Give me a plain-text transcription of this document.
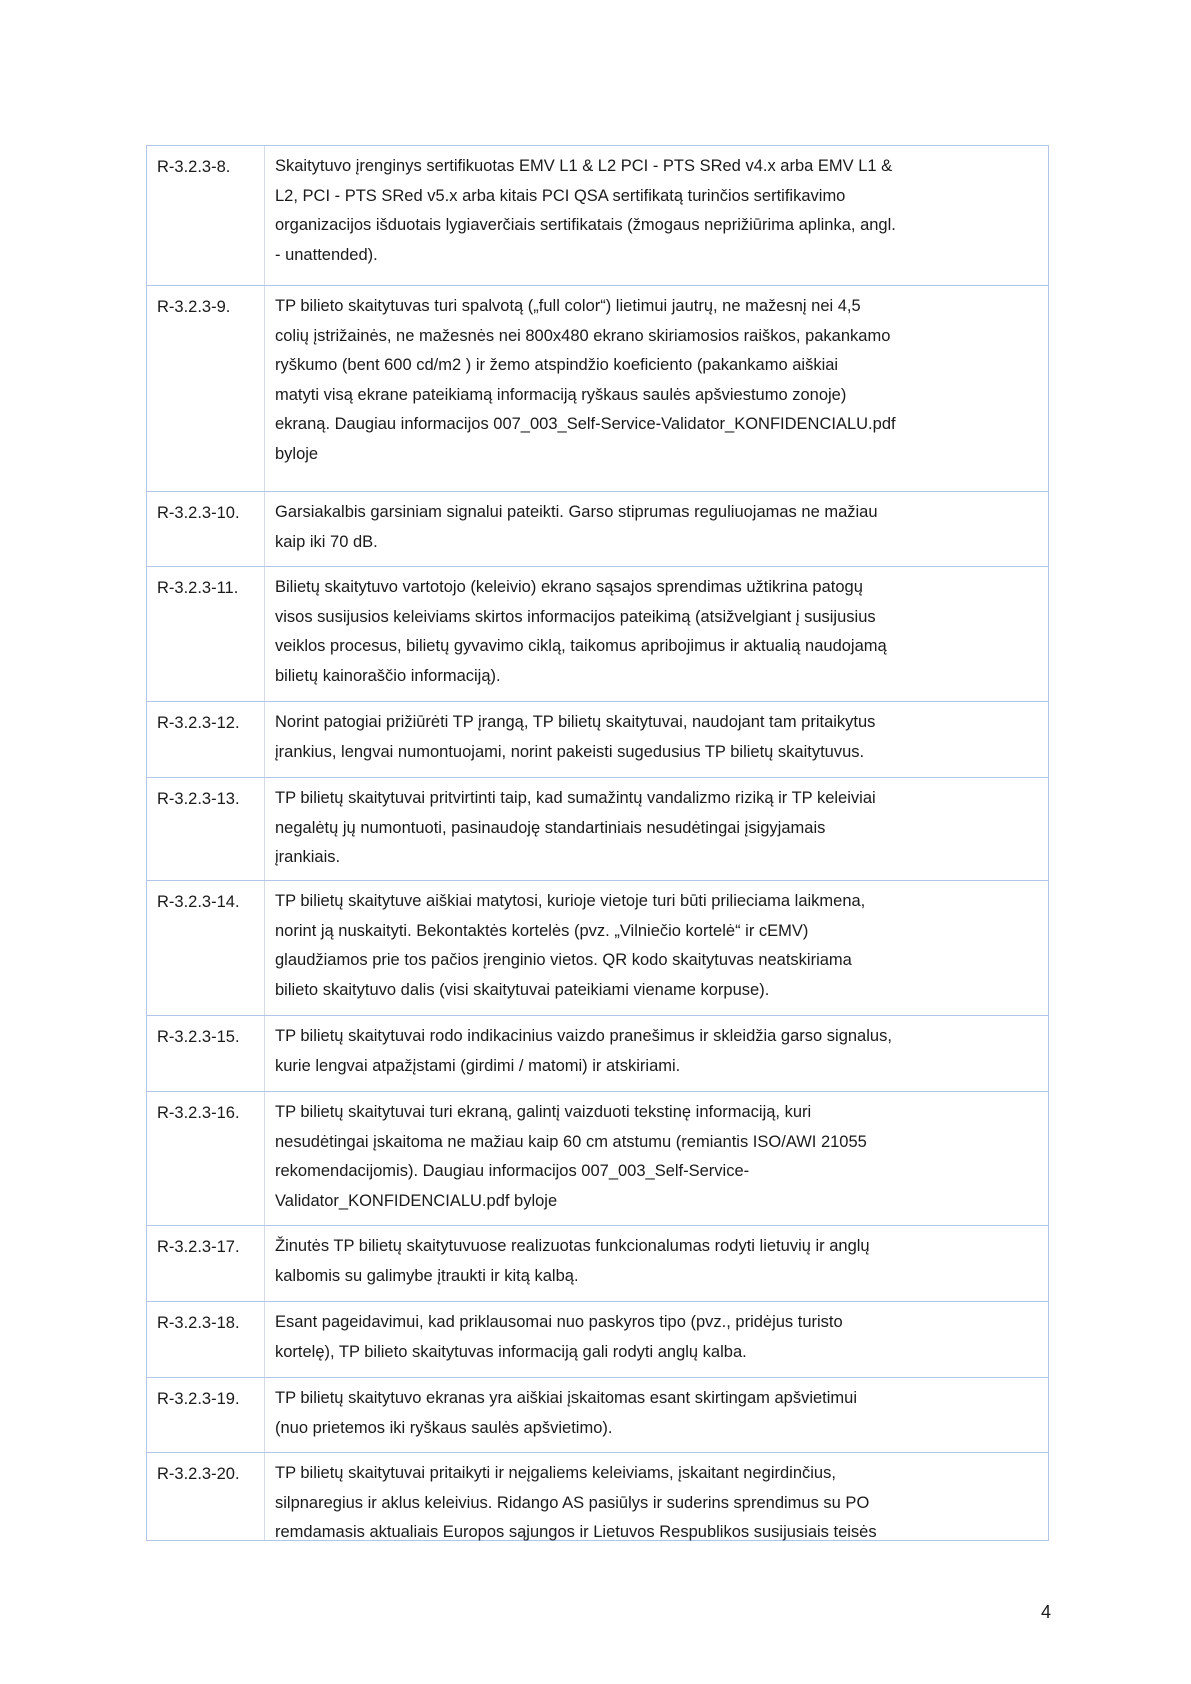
R-3.2.3-8.	Skaitytuvo įrenginys sertifikuotas EMV L1 & L2 PCI - PTS SRed v4.x arba EMV L1 &
L2, PCI - PTS SRed v5.x arba kitais PCI QSA sertifikatą turinčios sertifikavimo
organizacijos išduotais lygiaverčiais sertifikatais (žmogaus neprižiūrima aplinka, angl.
- unattended).
R-3.2.3-9.	TP bilieto skaitytuvas turi spalvotą („full color“) lietimui jautrų, ne mažesnį nei 4,5
colių įstrižainės, ne mažesnės nei 800x480 ekrano skiriamosios raiškos, pakankamo
ryškumo (bent 600 cd/m2 ) ir žemo atspindžio koeficiento (pakankamo aiškiai
matyti visą ekrane pateikiamą informaciją ryškaus saulės apšviestumo zonoje)
ekraną. Daugiau informacijos 007_003_Self-Service-Validator_KONFIDENCIALU.pdf
byloje
R-3.2.3-10.	Garsiakalbis garsiniam signalui pateikti. Garso stiprumas reguliuojamas ne mažiau
kaip iki 70 dB.
R-3.2.3-11.	Bilietų skaitytuvo vartotojo (keleivio) ekrano sąsajos sprendimas užtikrina patogų
visos susijusios keleiviams skirtos informacijos pateikimą (atsižvelgiant į susijusius
veiklos procesus, bilietų gyvavimo ciklą, taikomus apribojimus ir aktualią naudojamą
bilietų kainoraščio informaciją).
R-3.2.3-12.	Norint patogiai prižiūrėti TP įrangą, TP bilietų skaitytuvai, naudojant tam pritaikytus
įrankius, lengvai numontuojami, norint pakeisti sugedusius TP bilietų skaitytuvus.
R-3.2.3-13.	TP bilietų skaitytuvai pritvirtinti taip, kad sumažintų vandalizmo riziką ir TP keleiviai
negalėtų jų numontuoti, pasinaudoję standartiniais nesudėtingai įsigyjamais
įrankiais.
R-3.2.3-14.	TP bilietų skaitytuve aiškiai matytosi, kurioje vietoje turi būti prilieciama laikmena,
norint ją nuskaityti. Bekontaktės kortelės (pvz. „Vilniečio kortelė“ ir cEMV)
glaudžiamos prie tos pačios įrenginio vietos. QR kodo skaitytuvas neatskiriama
bilieto skaitytuvo dalis (visi skaitytuvai pateikiami viename korpuse).
R-3.2.3-15.	TP bilietų skaitytuvai rodo indikacinius vaizdo pranešimus ir skleidžia garso signalus,
kurie lengvai atpažįstami (girdimi / matomi) ir atskiriami.
R-3.2.3-16.	TP bilietų skaitytuvai turi ekraną, galintį vaizduoti tekstinę informaciją, kuri
nesudėtingai įskaitoma ne mažiau kaip 60 cm atstumu (remiantis ISO/AWI 21055
rekomendacijomis). Daugiau informacijos 007_003_Self-Service-
Validator_KONFIDENCIALU.pdf byloje
R-3.2.3-17.	Žinutės TP bilietų skaitytuvuose realizuotas funkcionalumas rodyti lietuvių ir anglų
kalbomis su galimybe įtraukti ir kitą kalbą.
R-3.2.3-18.	Esant pageidavimui, kad priklausomai nuo paskyros tipo (pvz., pridėjus turisto
kortelę), TP bilieto skaitytuvas informaciją gali rodyti anglų kalba.
R-3.2.3-19.	TP bilietų skaitytuvo ekranas yra aiškiai įskaitomas esant skirtingam apšvietimui
(nuo prietemos iki ryškaus saulės apšvietimo).
R-3.2.3-20.	TP bilietų skaitytuvai pritaikyti ir neįgaliems keleiviams, įskaitant negirdinčius,
silpnaregius ir aklus keleivius. Ridango AS pasiūlys ir suderins sprendimus su PO
remdamasis aktualiais Europos sąjungos ir Lietuvos Respublikos susijusiais teisės
4
